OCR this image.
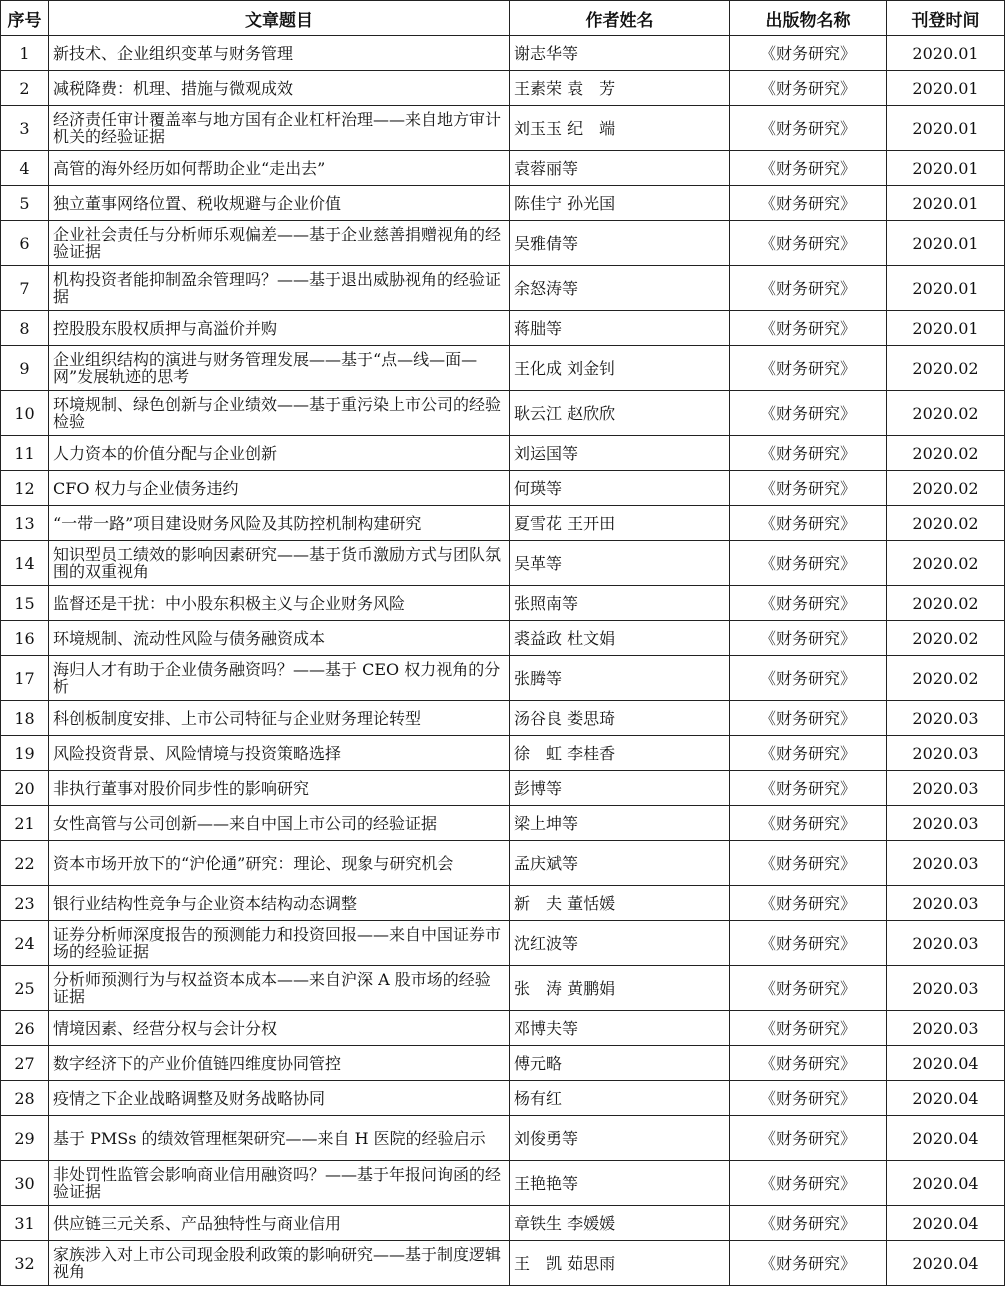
序号	文章题目	作者姓名	出版物名称	刊登时间
1	新技术、企业组织变革与财务管理	谢志华等	《财务研究》	2020.01
2	减税降费：机理、措施与微观成效	王素荣 袁　芳	《财务研究》	2020.01
3	经济责任审计覆盖率与地方国有企业杠杆治理——来自地方审计机关的经验证据	刘玉玉 纪　端	《财务研究》	2020.01
4	高管的海外经历如何帮助企业“走出去”	袁蓉丽等	《财务研究》	2020.01
5	独立董事网络位置、税收规避与企业价值	陈佳宁 孙光国	《财务研究》	2020.01
6	企业社会责任与分析师乐观偏差——基于企业慈善捐赠视角的经验证据	吴雅倩等	《财务研究》	2020.01
7	机构投资者能抑制盈余管理吗？——基于退出威胁视角的经验证据	余怒涛等	《财务研究》	2020.01
8	控股股东股权质押与高溢价并购	蒋朏等	《财务研究》	2020.01
9	企业组织结构的演进与财务管理发展——基于“点—线—面—网”发展轨迹的思考	王化成 刘金钊	《财务研究》	2020.02
10	环境规制、绿色创新与企业绩效——基于重污染上市公司的经验检验	耿云江 赵欣欣	《财务研究》	2020.02
11	人力资本的价值分配与企业创新	刘运国等	《财务研究》	2020.02
12	CFO 权力与企业债务违约	何瑛等	《财务研究》	2020.02
13	“一带一路”项目建设财务风险及其防控机制构建研究	夏雪花 王开田	《财务研究》	2020.02
14	知识型员工绩效的影响因素研究——基于货币激励方式与团队氛围的双重视角	吴革等	《财务研究》	2020.02
15	监督还是干扰：中小股东积极主义与企业财务风险	张照南等	《财务研究》	2020.02
16	环境规制、流动性风险与债务融资成本	裘益政 杜文娟	《财务研究》	2020.02
17	海归人才有助于企业债务融资吗？——基于 CEO 权力视角的分析	张腾等	《财务研究》	2020.02
18	科创板制度安排、上市公司特征与企业财务理论转型	汤谷良 娄思琦	《财务研究》	2020.03
19	风险投资背景、风险情境与投资策略选择	徐　虹 李桂香	《财务研究》	2020.03
20	非执行董事对股价同步性的影响研究	彭博等	《财务研究》	2020.03
21	女性高管与公司创新——来自中国上市公司的经验证据	梁上坤等	《财务研究》	2020.03
22	资本市场开放下的“沪伦通”研究：理论、现象与研究机会	孟庆斌等	《财务研究》	2020.03
23	银行业结构性竞争与企业资本结构动态调整	新　夫 董恬媛	《财务研究》	2020.03
24	证券分析师深度报告的预测能力和投资回报——来自中国证券市场的经验证据	沈红波等	《财务研究》	2020.03
25	分析师预测行为与权益资本成本——来自沪深 A 股市场的经验证据	张　涛 黄鹏娟	《财务研究》	2020.03
26	情境因素、经营分权与会计分权	邓博夫等	《财务研究》	2020.03
27	数字经济下的产业价值链四维度协同管控	傅元略	《财务研究》	2020.04
28	疫情之下企业战略调整及财务战略协同	杨有红	《财务研究》	2020.04
29	基于 PMSs 的绩效管理框架研究——来自 H 医院的经验启示	刘俊勇等	《财务研究》	2020.04
30	非处罚性监管会影响商业信用融资吗？——基于年报问询函的经验证据	王艳艳等	《财务研究》	2020.04
31	供应链三元关系、产品独特性与商业信用	章铁生 李媛媛	《财务研究》	2020.04
32	家族涉入对上市公司现金股利政策的影响研究——基于制度逻辑视角	王　凯 茹思雨	《财务研究》	2020.04
